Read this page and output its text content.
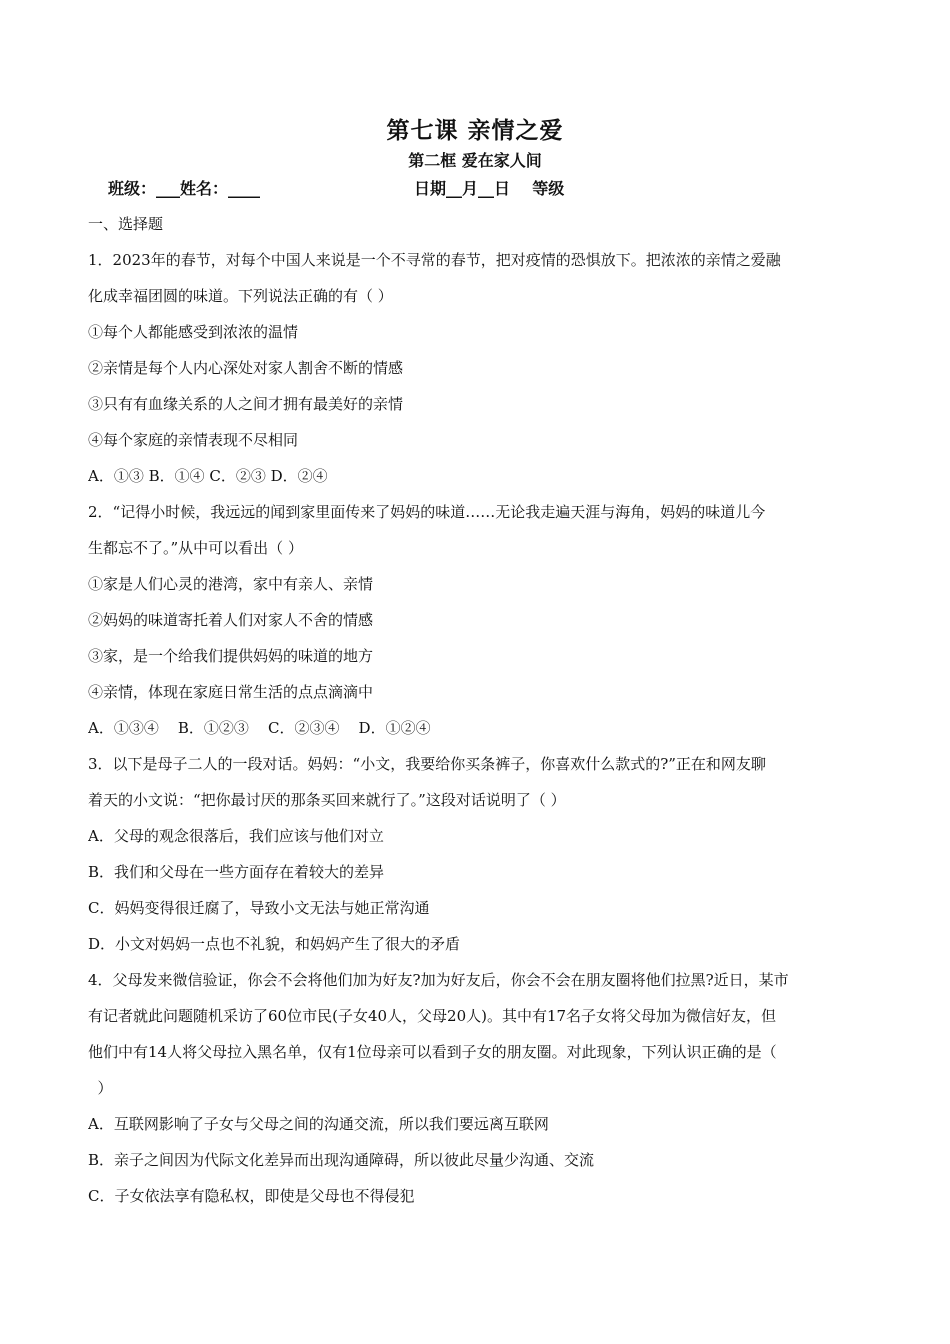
第七课 亲情之爱
第二框 爱在家人间
班级：___姓名：____	日期__月__日    等级
一、选择题
1．2023年的春节，对每个中国人来说是一个不寻常的春节，把对疫情的恐惧放下。把浓浓的亲情之爱融
化成幸福团圆的味道。下列说法正确的有（ ）
①每个人都能感受到浓浓的温情
②亲情是每个人内心深处对家人割舍不断的情感
③只有有血缘关系的人之间才拥有最美好的亲情
④每个家庭的亲情表现不尽相同
A．①③ B．①④ C．②③ D．②④
2．“记得小时候，我远远的闻到家里面传来了妈妈的味道……无论我走遍天涯与海角，妈妈的味道儿今
生都忘不了。”从中可以看出（ ）
①家是人们心灵的港湾，家中有亲人、亲情
②妈妈的味道寄托着人们对家人不舍的情感
③家，是一个给我们提供妈妈的味道的地方
④亲情，体现在家庭日常生活的点点滴滴中
A．①③④    B．①②③    C．②③④    D．①②④
3．以下是母子二人的一段对话。妈妈：“小文，我要给你买条裤子，你喜欢什么款式的?”正在和网友聊
着天的小文说：“把你最讨厌的那条买回来就行了。”这段对话说明了（ ）
A．父母的观念很落后，我们应该与他们对立
B．我们和父母在一些方面存在着较大的差异
C．妈妈变得很迁腐了，导致小文无法与她正常沟通
D．小文对妈妈一点也不礼貌，和妈妈产生了很大的矛盾
4．父母发来微信验证，你会不会将他们加为好友?加为好友后，你会不会在朋友圈将他们拉黑?近日，某市
有记者就此问题随机采访了60位市民(子女40人，父母20人)。其中有17名子女将父母加为微信好友，但
他们中有14人将父母拉入黑名单，仅有1位母亲可以看到子女的朋友圈。对此现象，下列认识正确的是（
）
A．互联网影响了子女与父母之间的沟通交流，所以我们要远离互联网
B．亲子之间因为代际文化差异而出现沟通障碍，所以彼此尽量少沟通、交流
C．子女依法享有隐私权，即使是父母也不得侵犯
